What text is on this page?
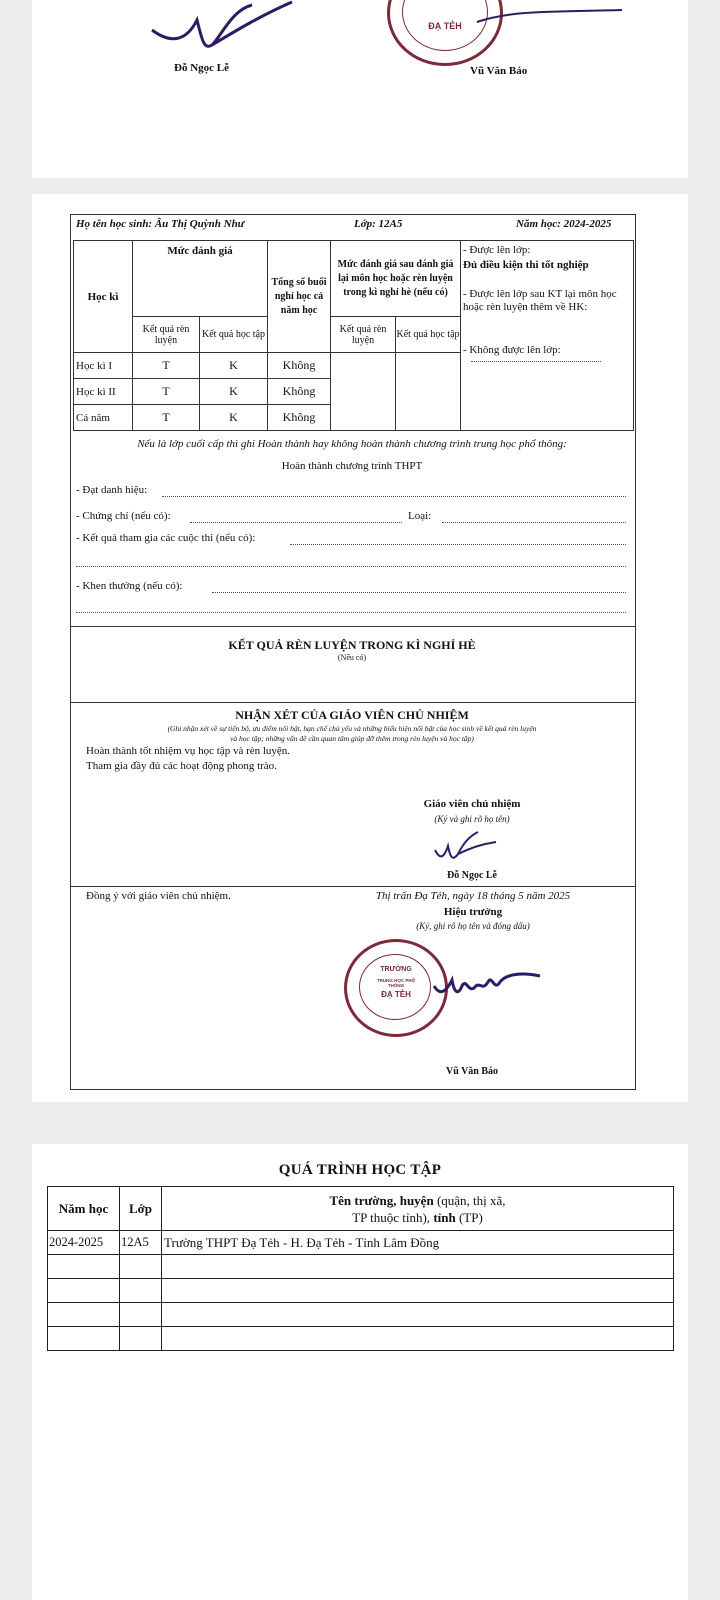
Đỗ Ngọc Lễ
ĐẠ TẺH
Vũ Văn Báo
Họ tên học sinh: Âu Thị Quỳnh Như	Lớp: 12A5	Năm học: 2024-2025
Học kì	Mức đánh giá		Tổng số buổi nghỉ học cả năm học	Mức đánh giá sau đánh giá lại môn học hoặc rèn luyện trong kì nghỉ hè (nếu có)		- Được lên lớp:
Đủ điều kiện thi tốt nghiệp
- Được lên lớp sau KT lại môn học hoặc rèn luyện thêm về HK:
- Không được lên lớp:

	Kết quả rèn luyện	Kết quả học tập		Kết quả rèn luyện	Kết quả học tập	
Học kì I	T	K	Không			
Học kì II	T	K	Không			
Cả năm	T	K	Không			
Nếu là lớp cuối cấp thì ghi Hoàn thành hay không hoàn thành chương trình trung học phổ thông:
Hoàn thành chương trình THPT
- Đạt danh hiệu:
- Chứng chỉ (nếu có):	Loại:
- Kết quả tham gia các cuộc thi (nếu có):
- Khen thưởng (nếu có):
KẾT QUẢ RÈN LUYỆN TRONG KÌ NGHỈ HÈ
(Nếu có)
NHẬN XÉT CỦA GIÁO VIÊN CHỦ NHIỆM
(Ghi nhận xét về sự tiến bộ, ưu điểm nổi bật, hạn chế chủ yếu và những biểu hiện nổi bật của học sinh về kết quả rèn luyện
và học tập; những vấn đề cần quan tâm giúp đỡ thêm trong rèn luyện và học tập)
Hoàn thành tốt nhiệm vụ học tập và rèn luyện.
Tham gia đầy đủ các hoạt động phong trào.
Giáo viên chủ nhiệm
(Ký và ghi rõ họ tên)
Đỗ Ngọc Lễ
Đồng ý với giáo viên chủ nhiệm.	Thị trấn Đạ Tẻh, ngày 18 tháng 5 năm 2025
Hiệu trưởng
(Ký, ghi rõ họ tên và đóng dấu)
TRƯỜNG
TRUNG HỌC PHỔ THÔNG
ĐẠ TẺH
Vũ Văn Báo
QUÁ TRÌNH HỌC TẬP
Năm học	Lớp	Tên trường, huyện (quận, thị xã,
TP thuộc tỉnh), tỉnh (TP)
2024-2025	12A5	Trường THPT Đạ Tẻh - H. Đạ Tẻh - Tỉnh Lâm Đồng
